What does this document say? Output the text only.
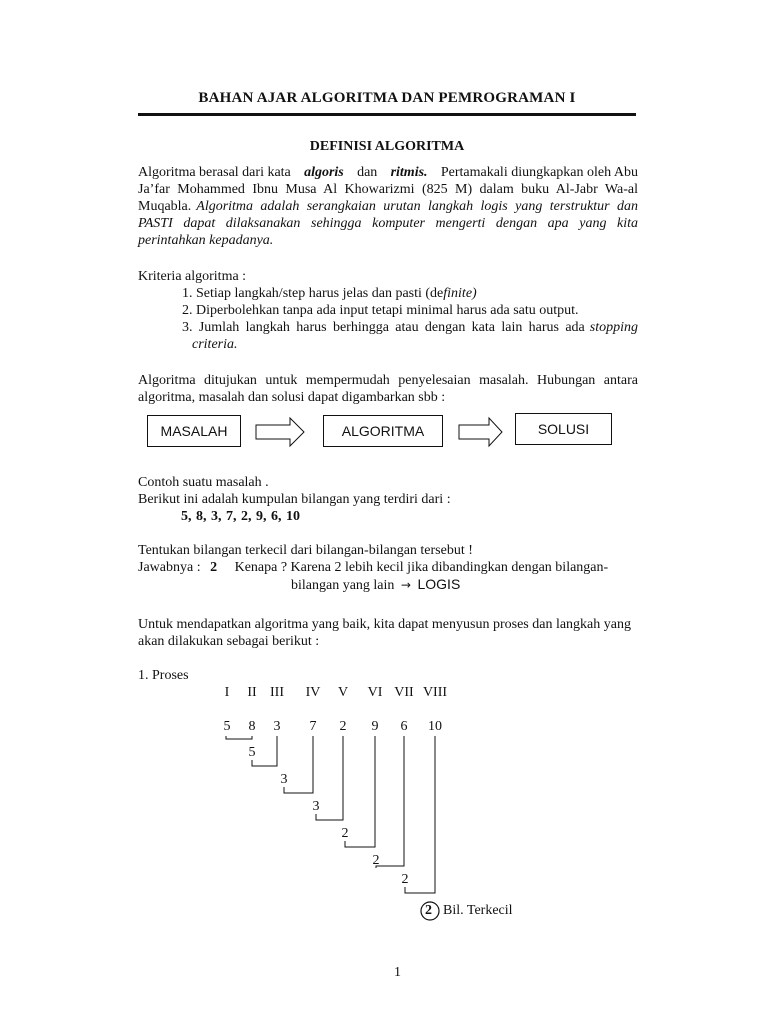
BAHAN AJAR ALGORITMA DAN PEMROGRAMAN I
DEFINISI ALGORITMA
Algoritma berasal dari kata algoris dan ritmis. Pertamakali diungkapkan oleh Abu
Ja’far Mohammed Ibnu Musa Al Khowarizmi (825 M) dalam buku Al-Jabr Wa-al
Muqabla. Algoritma adalah serangkaian urutan langkah logis yang terstruktur dan
PASTI dapat dilaksanakan sehingga komputer mengerti dengan apa yang kita
perintahkan kepadanya.
Kriteria algoritma :
1. Setiap langkah/step harus jelas dan pasti (definite)
2. Diperbolehkan tanpa ada input tetapi minimal harus ada satu output.
3. Jumlah langkah harus berhingga atau dengan kata lain harus ada stopping
criteria.
Algoritma ditujukan untuk mempermudah penyelesaian masalah. Hubungan antara
algoritma, masalah dan solusi dapat digambarkan sbb :
MASALAH	ALGORITMA	SOLUSI
Contoh suatu masalah .
Berikut ini adalah kumpulan bilangan yang terdiri dari :
5, 8, 3, 7, 2, 9, 6, 10
Tentukan bilangan terkecil dari bilangan-bilangan tersebut !
Jawabnya : 2 Kenapa ? Karena 2 lebih kecil jika dibandingkan dengan bilangan-
bilangan yang lain → LOGIS
Untuk mendapatkan algoritma yang baik, kita dapat menyusun proses dan langkah yang
akan dilakukan sebagai berikut :
1. Proses
I II III IV V VI VII VIII
5 8 3 7 2 9 6 10
5
3
3
2
2
2
2 Bil. Terkecil
1
